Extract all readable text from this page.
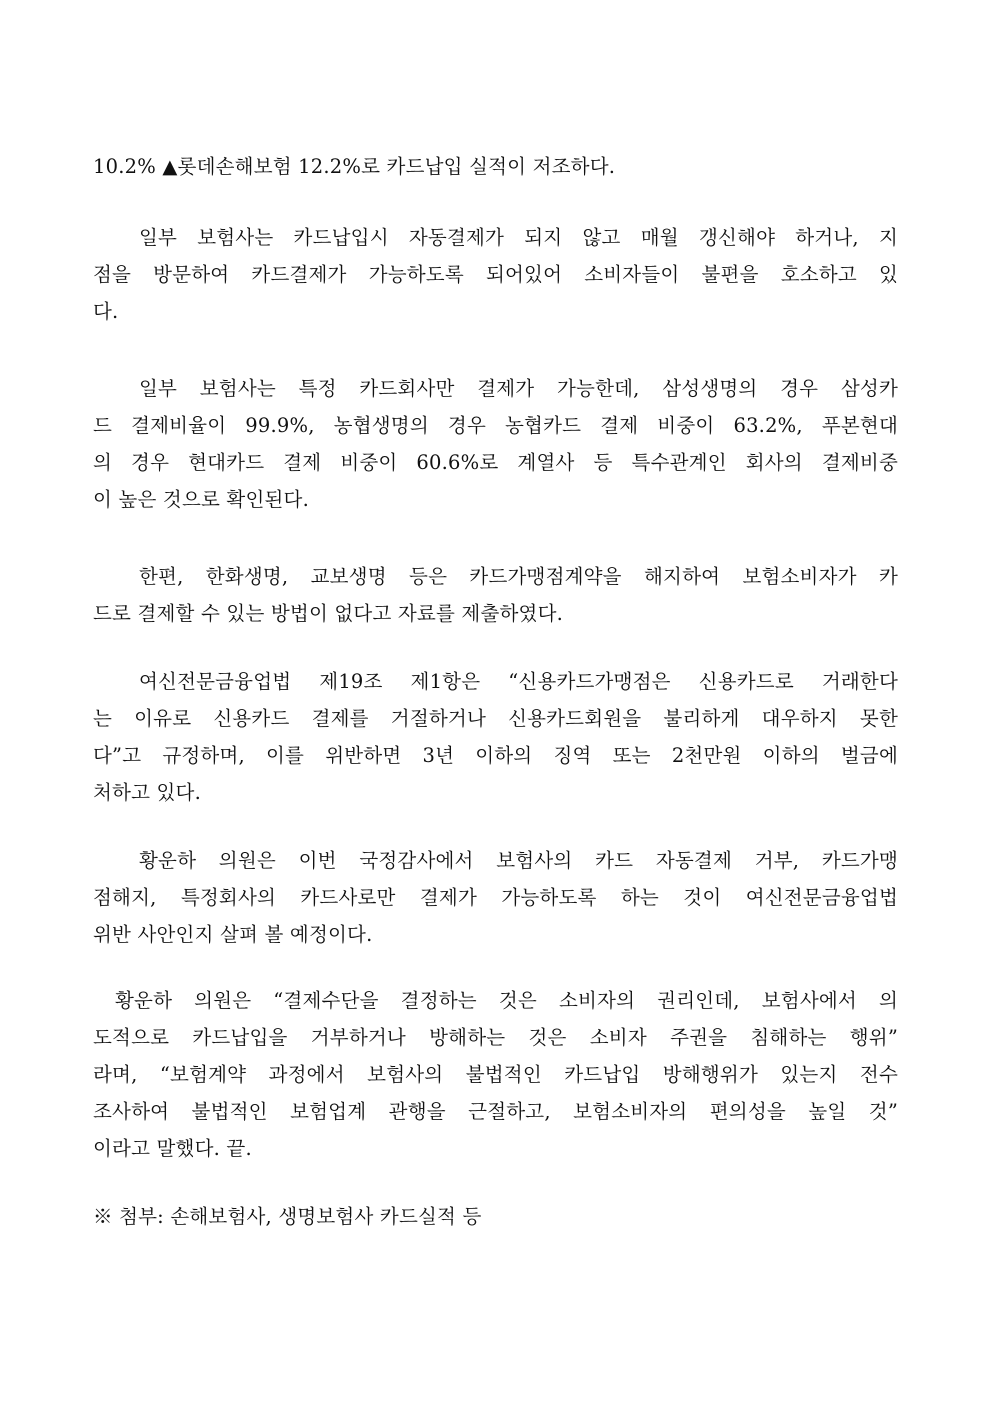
10.2% ▲롯데손해보험 12.2%로 카드납입 실적이 저조하다.
일부 보험사는 카드납입시 자동결제가 되지 않고 매월 갱신해야 하거나, 지
점을 방문하여 카드결제가 가능하도록 되어있어 소비자들이 불편을 호소하고 있
다.
일부 보험사는 특정 카드회사만 결제가 가능한데, 삼성생명의 경우 삼성카
드 결제비율이 99.9%, 농협생명의 경우 농협카드 결제 비중이 63.2%, 푸본현대
의 경우 현대카드 결제 비중이 60.6%로 계열사 등 특수관계인 회사의 결제비중
이 높은 것으로 확인된다.
한편, 한화생명, 교보생명 등은 카드가맹점계약을 해지하여 보험소비자가 카
드로 결제할 수 있는 방법이 없다고 자료를 제출하였다.
여신전문금융업법 제19조 제1항은 “신용카드가맹점은 신용카드로 거래한다
는 이유로 신용카드 결제를 거절하거나 신용카드회원을 불리하게 대우하지 못한
다”고 규정하며, 이를 위반하면 3년 이하의 징역 또는 2천만원 이하의 벌금에
처하고 있다.
황운하 의원은 이번 국정감사에서 보험사의 카드 자동결제 거부, 카드가맹
점해지, 특정회사의 카드사로만 결제가 가능하도록 하는 것이 여신전문금융업법
위반 사안인지 살펴 볼 예정이다.
황운하 의원은 “결제수단을 결정하는 것은 소비자의 권리인데, 보험사에서 의
도적으로 카드납입을 거부하거나 방해하는 것은 소비자 주권을 침해하는 행위”
라며, “보험계약 과정에서 보험사의 불법적인 카드납입 방해행위가 있는지 전수
조사하여 불법적인 보험업계 관행을 근절하고, 보험소비자의 편의성을 높일 것”
이라고 말했다. 끝.
※ 첨부: 손해보험사, 생명보험사 카드실적 등
